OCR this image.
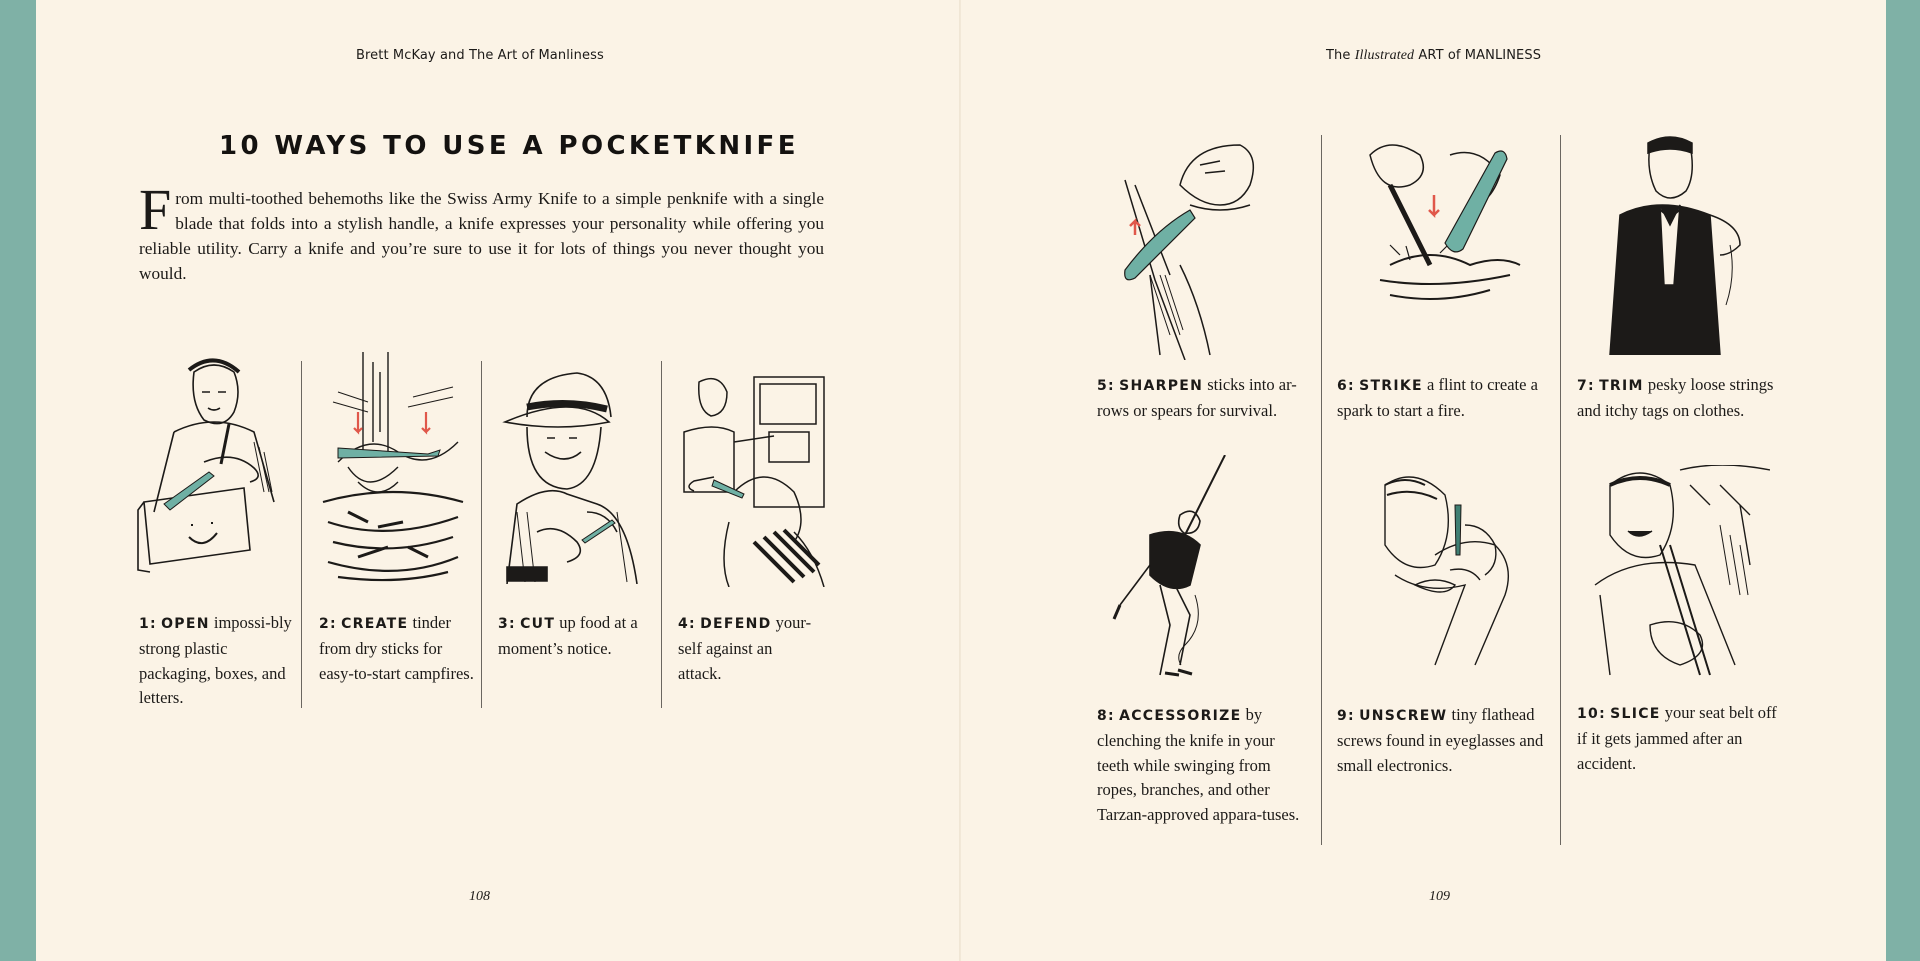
Brett McKay and The Art of Manliness
10 WAYS TO USE A POCKETKNIFE
From multi-toothed behemoths like the Swiss Army Knife to a simple penknife with a single blade that folds into a stylish handle, a knife expresses your personality while offering you reliable utility. Carry a knife and you’re sure to use it for lots of things you never thought you would.
1: OPEN impossi-bly strong plastic packaging, boxes, and letters.
2: CREATE tinder from dry sticks for easy-to-start campfires.
3: CUT up food at a moment’s notice.
4: DEFEND your-self against an attack.
108
The Illustrated ART of MANLINESS
5: SHARPEN sticks into ar-rows or spears for survival.
6: STRIKE a flint to create a spark to start a fire.
7: TRIM pesky loose strings and itchy tags on clothes.
8: ACCESSORIZE by clenching the knife in your teeth while swinging from ropes, branches, and other Tarzan-approved appara-tuses.
9: UNSCREW tiny flathead screws found in eyeglasses and small electronics.
10: SLICE your seat belt off if it gets jammed after an accident.
109
